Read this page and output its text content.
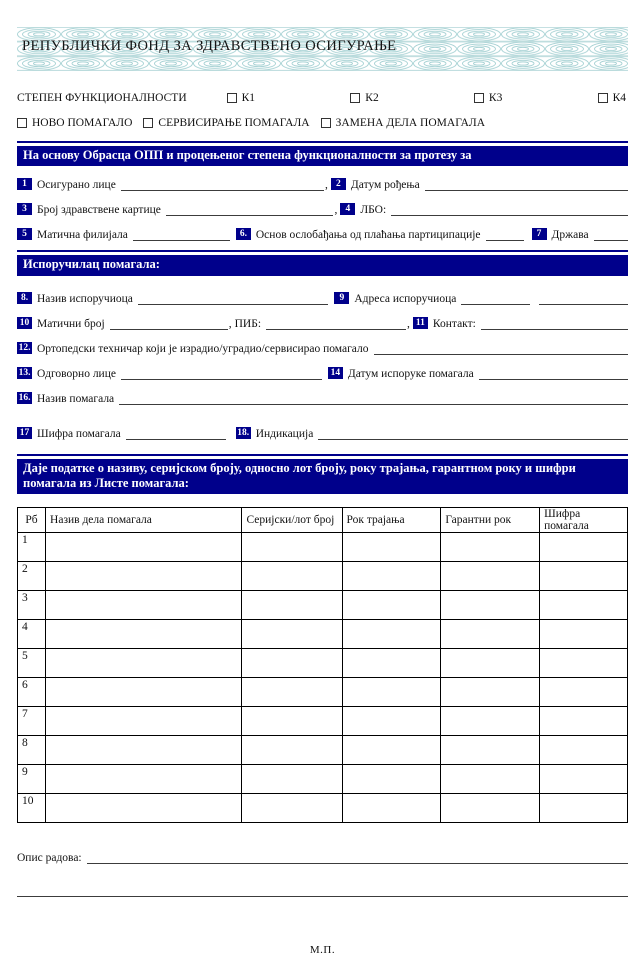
РЕПУБЛИЧКИ ФОНД ЗА ЗДРАВСТВЕНО ОСИГУРАЊЕ
СТЕПЕН ФУНКЦИОНАЛНОСТИ	К1	К2	К3	К4
НОВО ПОМАГАЛО СЕРВИСИРАЊЕ ПОМАГАЛА ЗАМЕНА ДЕЛА ПОМАГАЛА
На основу Обрасца ОПП и процењеног степена функционалности за протезу за
1 Осигурано лице	, 2 Датум рођења
3 Број здравствене картице	, 4 ЛБО:
5 Матична филијала	6. Основ ослобађања од плаћања партиципације	7 Држава
Испоручилац помагала:
8. Назив испоручиоца	9 Адреса испоручиоца
10 Матични број	, ПИБ:	, 11 Контакт:
12. Ортопедски техничар који је израдио/уградио/сервисирао помагало
13. Одговорно лице	14 Датум испоруке помагала
16. Назив помагала
17 Шифра помагала	18. Индикација
Даје податке о називу, серијском броју, односно лот броју, року трајања, гарантном року и шифри помагала из Листе помагала:
Рб	Назив дела помагала	Серијски/лот број	Рок трајања	Гарантни рок	Шифра помагала
1					
2					
3					
4					
5					
6					
7					
8					
9					
10					
Опис радова:
М.П.
